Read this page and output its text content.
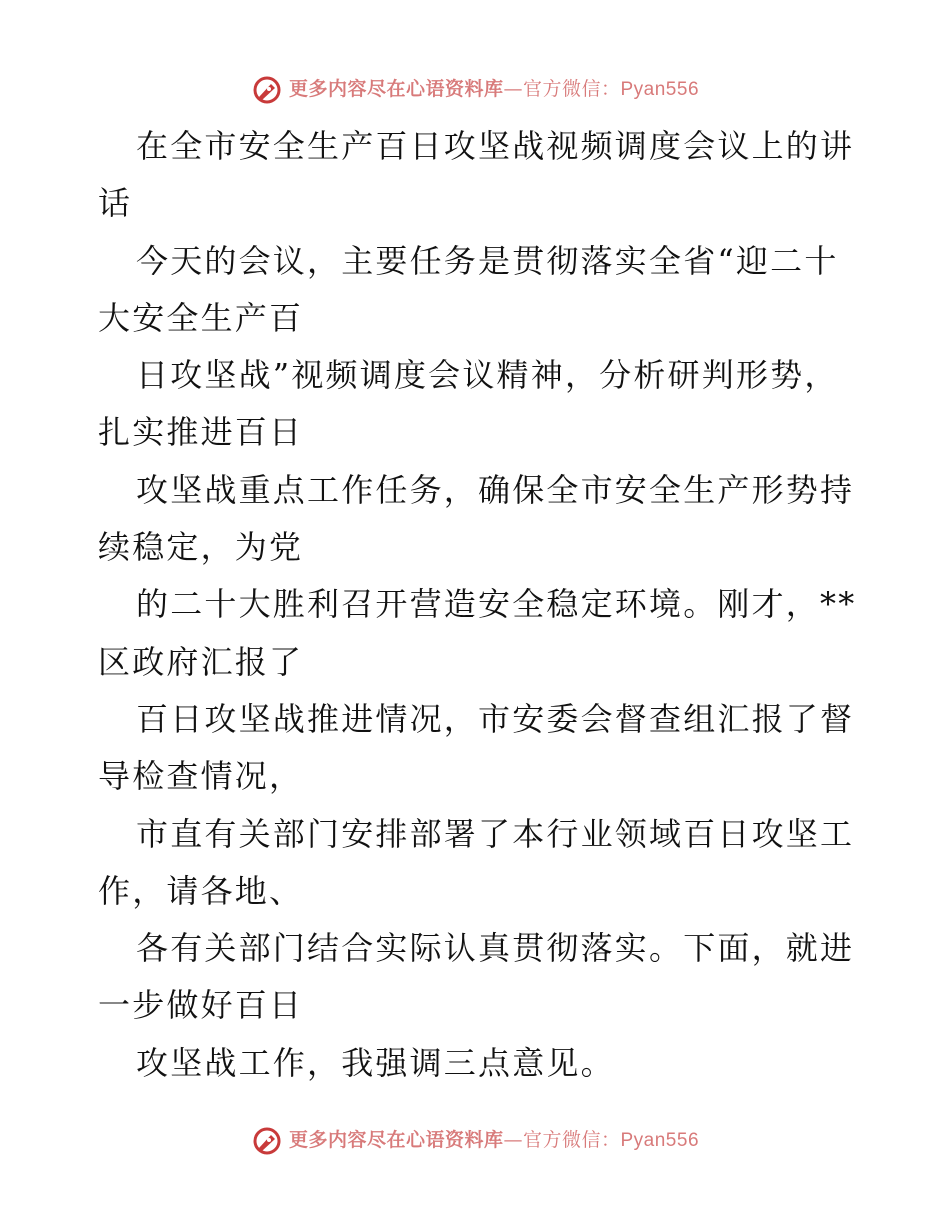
更多内容尽在心语资料库—官方微信：Pyan556
在全市安全生产百日攻坚战视频调度会议上的讲
话
今天的会议，主要任务是贯彻落实全省“迎二十
大安全生产百
日攻坚战”视频调度会议精神，分析研判形势，
扎实推进百日
攻坚战重点工作任务，确保全市安全生产形势持
续稳定，为党
的二十大胜利召开营造安全稳定环境。刚才，**
区政府汇报了
百日攻坚战推进情况，市安委会督查组汇报了督
导检查情况，
市直有关部门安排部署了本行业领域百日攻坚工
作，请各地、
各有关部门结合实际认真贯彻落实。下面，就进
一步做好百日
攻坚战工作，我强调三点意见。
更多内容尽在心语资料库—官方微信：Pyan556
